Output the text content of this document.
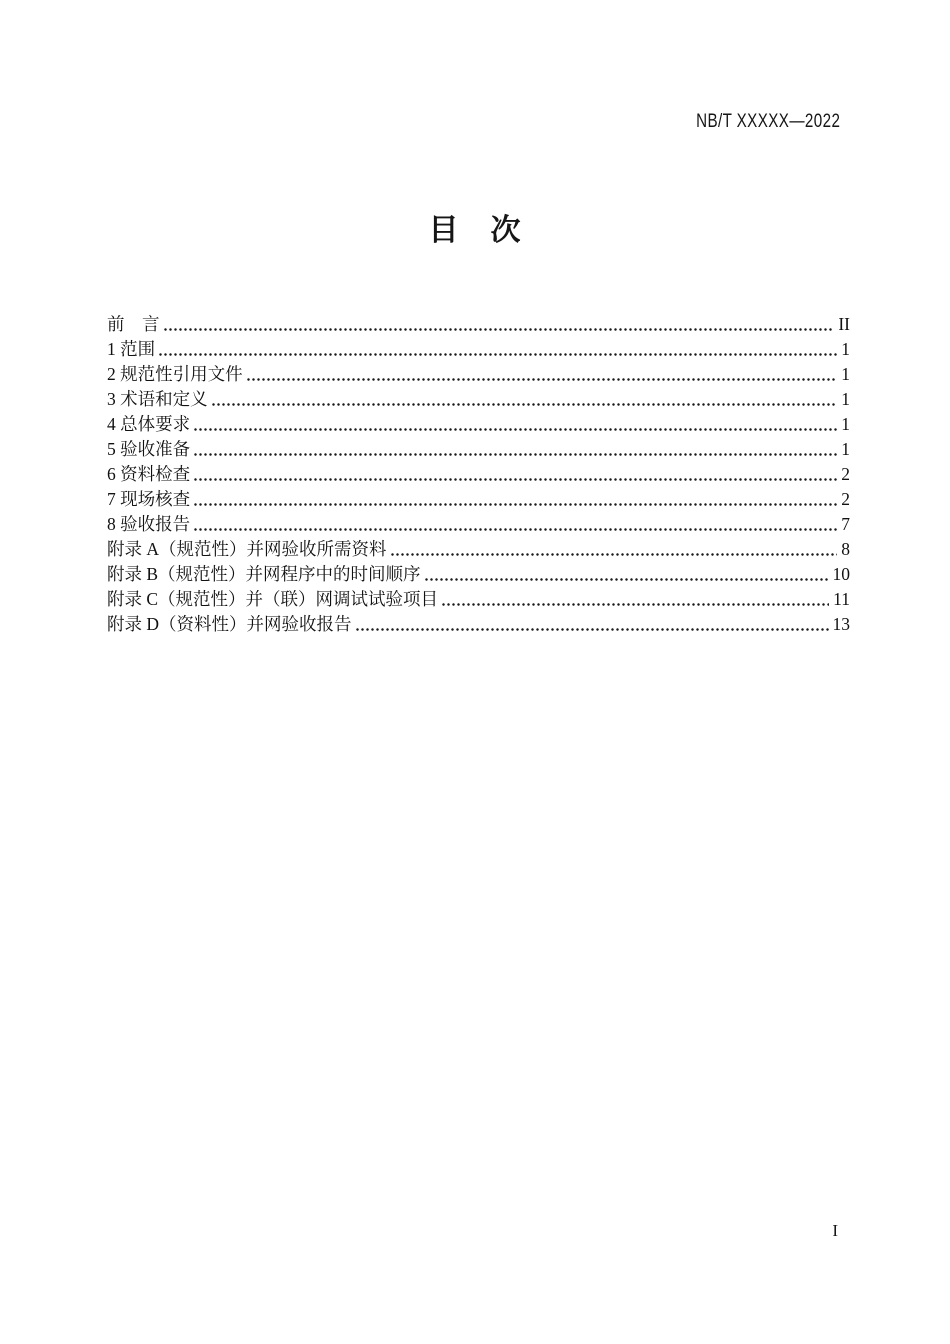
NB/T XXXXX—2022
目　次
前　言	II
1 范围	1
2 规范性引用文件	1
3 术语和定义	1
4 总体要求	1
5 验收准备	1
6 资料检查	2
7 现场核查	2
8 验收报告	7
附录 A（规范性）并网验收所需资料	8
附录 B（规范性）并网程序中的时间顺序	10
附录 C（规范性）并（联）网调试试验项目	11
附录 D（资料性）并网验收报告	13
I
